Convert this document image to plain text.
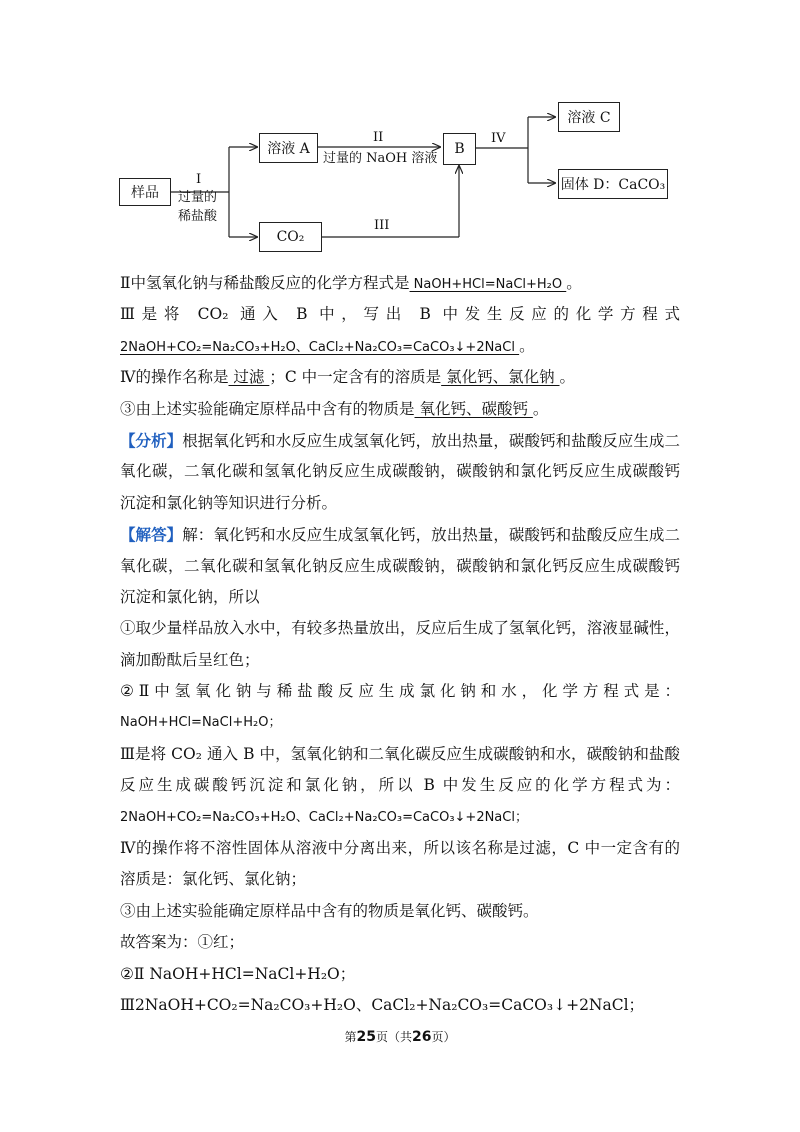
样品
I
过量的
稀盐酸
溶液 A
II
过量的 NaOH 溶液
B
IV
溶液 C
固体 D：CaCO₃
CO₂
III
Ⅱ中氢氧化钠与稀盐酸反应的化学方程式是 NaOH+HCl=NaCl+H₂O 。
Ⅲ是将 CO₂ 通入 B 中，写出 B 中发生反应的化学方程式
2NaOH+CO₂=Na₂CO₃+H₂O、CaCl₂+Na₂CO₃=CaCO₃↓+2NaCl 。
Ⅳ的操作名称是 过滤 ；C 中一定含有的溶质是 氯化钙、氯化钠 。
③由上述实验能确定原样品中含有的物质是 氧化钙、碳酸钙 。
【分析】根据氧化钙和水反应生成氢氧化钙，放出热量，碳酸钙和盐酸反应生成二
氧化碳，二氧化碳和氢氧化钠反应生成碳酸钠，碳酸钠和氯化钙反应生成碳酸钙
沉淀和氯化钠等知识进行分析。
【解答】解：氧化钙和水反应生成氢氧化钙，放出热量，碳酸钙和盐酸反应生成二
氧化碳，二氧化碳和氢氧化钠反应生成碳酸钠，碳酸钠和氯化钙反应生成碳酸钙
沉淀和氯化钠，所以
①取少量样品放入水中，有较多热量放出，反应后生成了氢氧化钙，溶液显碱性，
滴加酚酞后呈红色；
②Ⅱ中氢氧化钠与稀盐酸反应生成氯化钠和水，化学方程式是：
NaOH+HCl=NaCl+H₂O；
Ⅲ是将 CO₂ 通入 B 中，氢氧化钠和二氧化碳反应生成碳酸钠和水，碳酸钠和盐酸
反应生成碳酸钙沉淀和氯化钠，所以 B 中发生反应的化学方程式为：
2NaOH+CO₂=Na₂CO₃+H₂O、CaCl₂+Na₂CO₃=CaCO₃↓+2NaCl；
Ⅳ的操作将不溶性固体从溶液中分离出来，所以该名称是过滤，C 中一定含有的
溶质是：氯化钙、氯化钠；
③由上述实验能确定原样品中含有的物质是氧化钙、碳酸钙。
故答案为：①红；
②Ⅱ NaOH+HCl=NaCl+H₂O；
Ⅲ2NaOH+CO₂=Na₂CO₃+H₂O、CaCl₂+Na₂CO₃=CaCO₃↓+2NaCl；
第25页（共26页）
